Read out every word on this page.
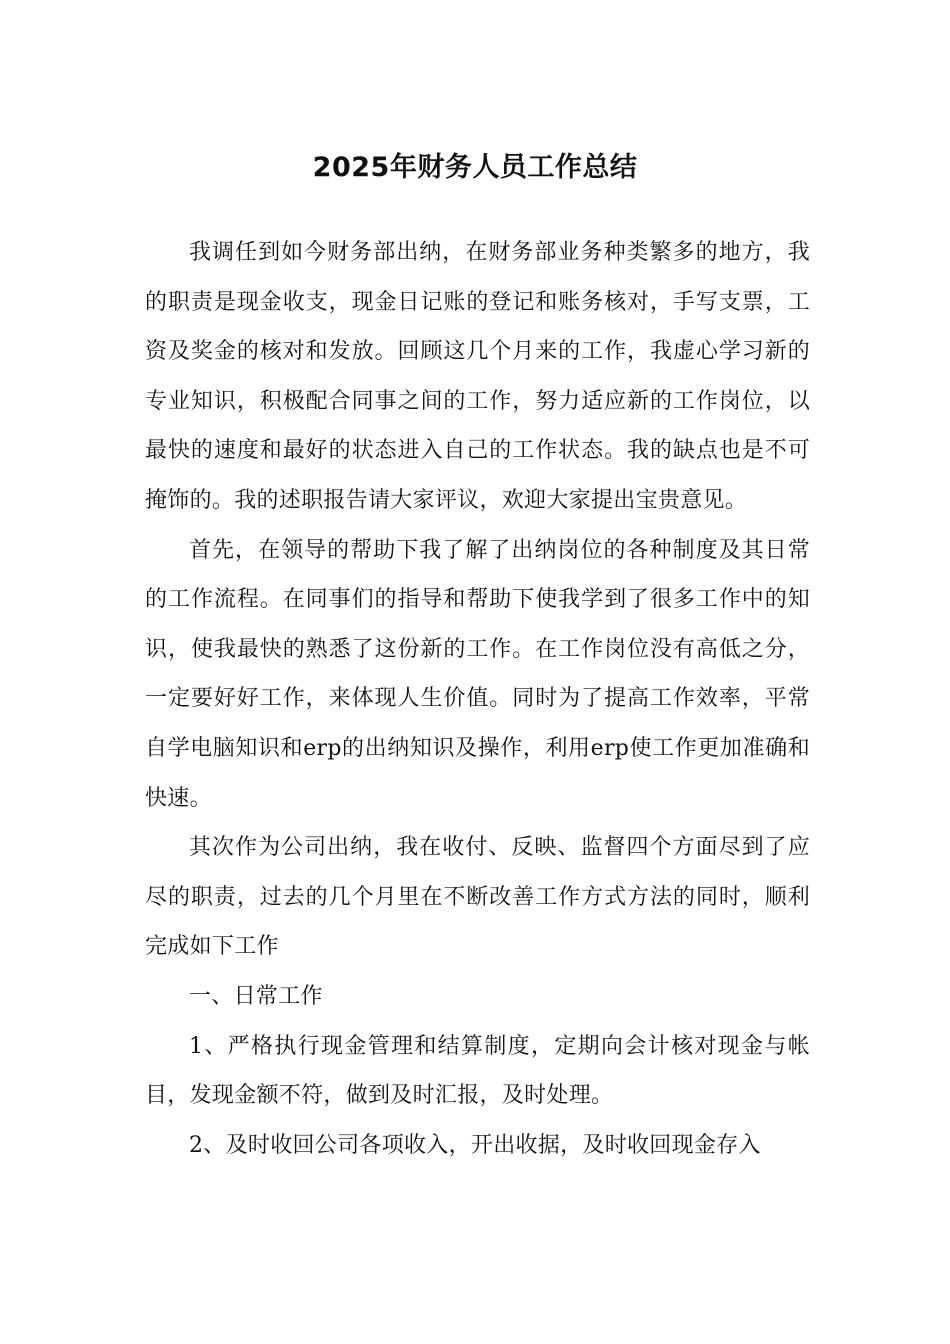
2025年财务人员工作总结

我调任到如今财务部出纳，在财务部业务种类繁多的地方，我的职责是现金收支，现金日记账的登记和账务核对，手写支票，工资及奖金的核对和发放。回顾这几个月来的工作，我虚心学习新的专业知识，积极配合同事之间的工作，努力适应新的工作岗位，以最快的速度和最好的状态进入自己的工作状态。我的缺点也是不可掩饰的。我的述职报告请大家评议，欢迎大家提出宝贵意见。

首先，在领导的帮助下我了解了出纳岗位的各种制度及其日常的工作流程。在同事们的指导和帮助下使我学到了很多工作中的知识，使我最快的熟悉了这份新的工作。在工作岗位没有高低之分，一定要好好工作，来体现人生价值。同时为了提高工作效率，平常自学电脑知识和erp的出纳知识及操作，利用erp使工作更加准确和快速。

其次作为公司出纳，我在收付、反映、监督四个方面尽到了应尽的职责，过去的几个月里在不断改善工作方式方法的同时，顺利完成如下工作

一、日常工作

1、严格执行现金管理和结算制度，定期向会计核对现金与帐目，发现金额不符，做到及时汇报，及时处理。

2、及时收回公司各项收入，开出收据，及时收回现金存入
